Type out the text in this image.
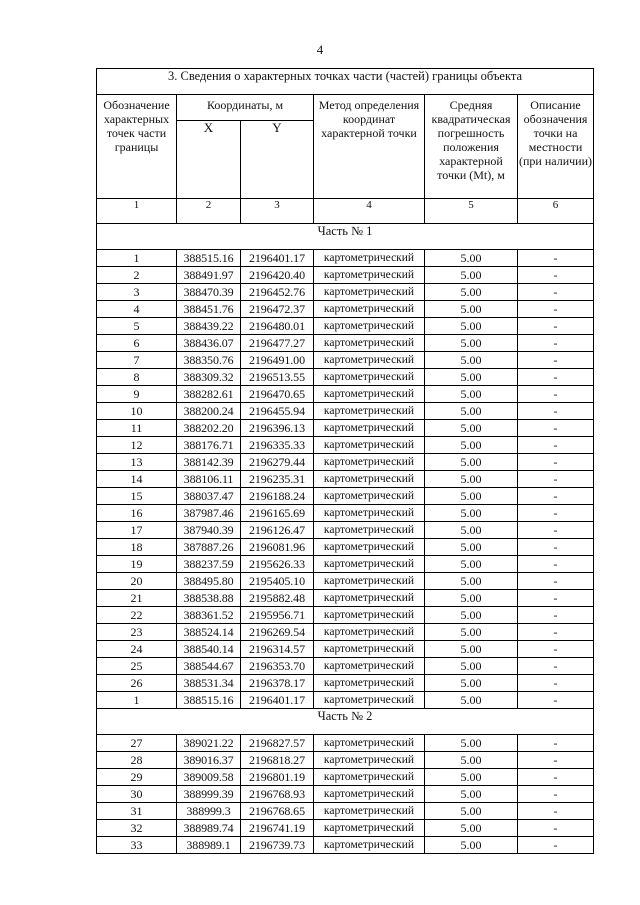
4
3. Сведения о характерных точках части (частей) границы объекта					
Обозначение характерных точек части границы	Координаты, м		Метод определения координат характерной точки	Средняя квадратическая погрешность положения характерной точки (Mt), м	Описание обозначения точки на местности (при наличии)
	X	Y			
1	2	3	4	5	6
Часть № 1					
1	388515.16	2196401.17	картометрический	5.00	-
2	388491.97	2196420.40	картометрический	5.00	-
3	388470.39	2196452.76	картометрический	5.00	-
4	388451.76	2196472.37	картометрический	5.00	-
5	388439.22	2196480.01	картометрический	5.00	-
6	388436.07	2196477.27	картометрический	5.00	-
7	388350.76	2196491.00	картометрический	5.00	-
8	388309.32	2196513.55	картометрический	5.00	-
9	388282.61	2196470.65	картометрический	5.00	-
10	388200.24	2196455.94	картометрический	5.00	-
11	388202.20	2196396.13	картометрический	5.00	-
12	388176.71	2196335.33	картометрический	5.00	-
13	388142.39	2196279.44	картометрический	5.00	-
14	388106.11	2196235.31	картометрический	5.00	-
15	388037.47	2196188.24	картометрический	5.00	-
16	387987.46	2196165.69	картометрический	5.00	-
17	387940.39	2196126.47	картометрический	5.00	-
18	387887.26	2196081.96	картометрический	5.00	-
19	388237.59	2195626.33	картометрический	5.00	-
20	388495.80	2195405.10	картометрический	5.00	-
21	388538.88	2195882.48	картометрический	5.00	-
22	388361.52	2195956.71	картометрический	5.00	-
23	388524.14	2196269.54	картометрический	5.00	-
24	388540.14	2196314.57	картометрический	5.00	-
25	388544.67	2196353.70	картометрический	5.00	-
26	388531.34	2196378.17	картометрический	5.00	-
1	388515.16	2196401.17	картометрический	5.00	-
Часть № 2					
27	389021.22	2196827.57	картометрический	5.00	-
28	389016.37	2196818.27	картометрический	5.00	-
29	389009.58	2196801.19	картометрический	5.00	-
30	388999.39	2196768.93	картометрический	5.00	-
31	388999.3	2196768.65	картометрический	5.00	-
32	388989.74	2196741.19	картометрический	5.00	-
33	388989.1	2196739.73	картометрический	5.00	-
